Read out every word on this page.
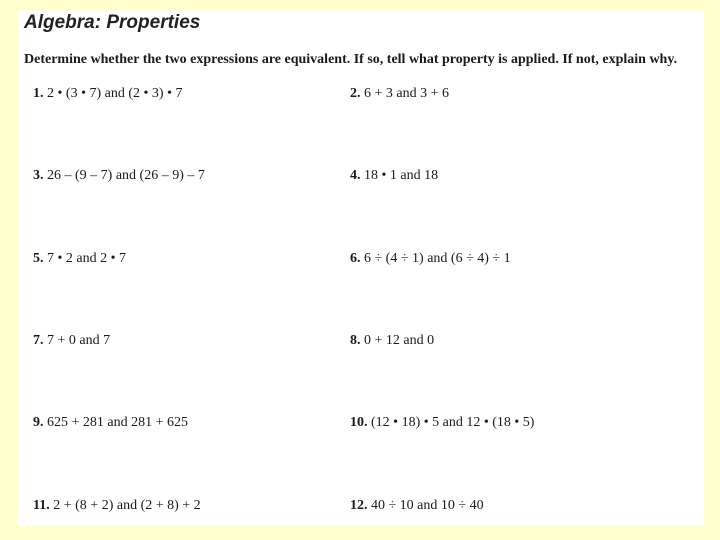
Algebra: Properties

Determine whether the two expressions are equivalent. If so, tell what property is applied. If not, explain why.

1. 2 • (3 • 7) and (2 • 3) • 7	2. 6 + 3 and 3 + 6
3. 26 – (9 – 7) and (26 – 9) – 7	4. 18 • 1 and 18
5. 7 • 2 and 2 • 7	6. 6 ÷ (4 ÷ 1) and (6 ÷ 4) ÷ 1
7. 7 + 0 and 7	8. 0 + 12 and 0
9. 625 + 281 and 281 + 625	10. (12 • 18) • 5 and 12 • (18 • 5)
11. 2 + (8 + 2) and (2 + 8) + 2	12. 40 ÷ 10 and 10 ÷ 40
